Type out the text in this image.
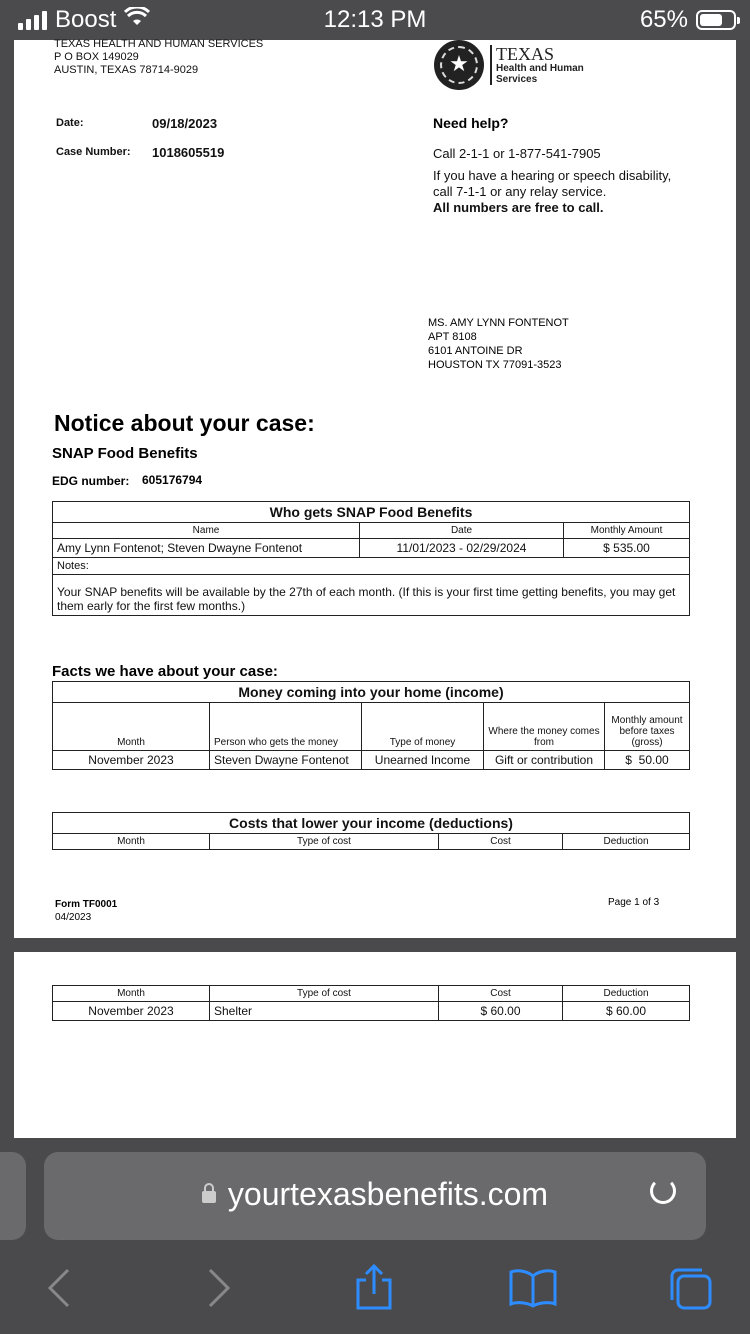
Boost	12:13 PM	65%
TEXAS HEALTH AND HUMAN SERVICES
P O BOX 149029
AUSTIN, TEXAS 78714-9029	★	TEXAS
Health and Human
Services
Date:	09/18/2023
Case Number: 1018605519
Need help?
Call 2-1-1 or 1-877-541-7905
If you have a hearing or speech disability,
call 7-1-1 or any relay service.
All numbers are free to call.
MS. AMY LYNN FONTENOT
APT 8108
6101 ANTOINE DR
HOUSTON TX 77091-3523
Notice about your case:
SNAP Food Benefits
EDG number: 605176794
Who gets SNAP Food Benefits		
Name	Date	Monthly Amount
Amy Lynn Fontenot; Steven Dwayne Fontenot	11/01/2023 - 02/29/2024	$ 535.00
Notes:		
Your SNAP benefits will be available by the 27th of each month. (If this is your first time getting benefits, you may get them early for the first few months.)		
Facts we have about your case:
Money coming into your home (income)				
Month	Person who gets the money	Type of money	Where the money comes from	Monthly amount before taxes (gross)
November 2023	Steven Dwayne Fontenot	Unearned Income	Gift or contribution	$ 50.00
Costs that lower your income (deductions)
Month	Type of cost	Cost	Deduction
Form TF0001
04/2023
Page 1 of 3
Month	Type of cost	Cost	Deduction
November 2023	Shelter	$ 60.00	$ 60.00
yourtexasbenefits.com
